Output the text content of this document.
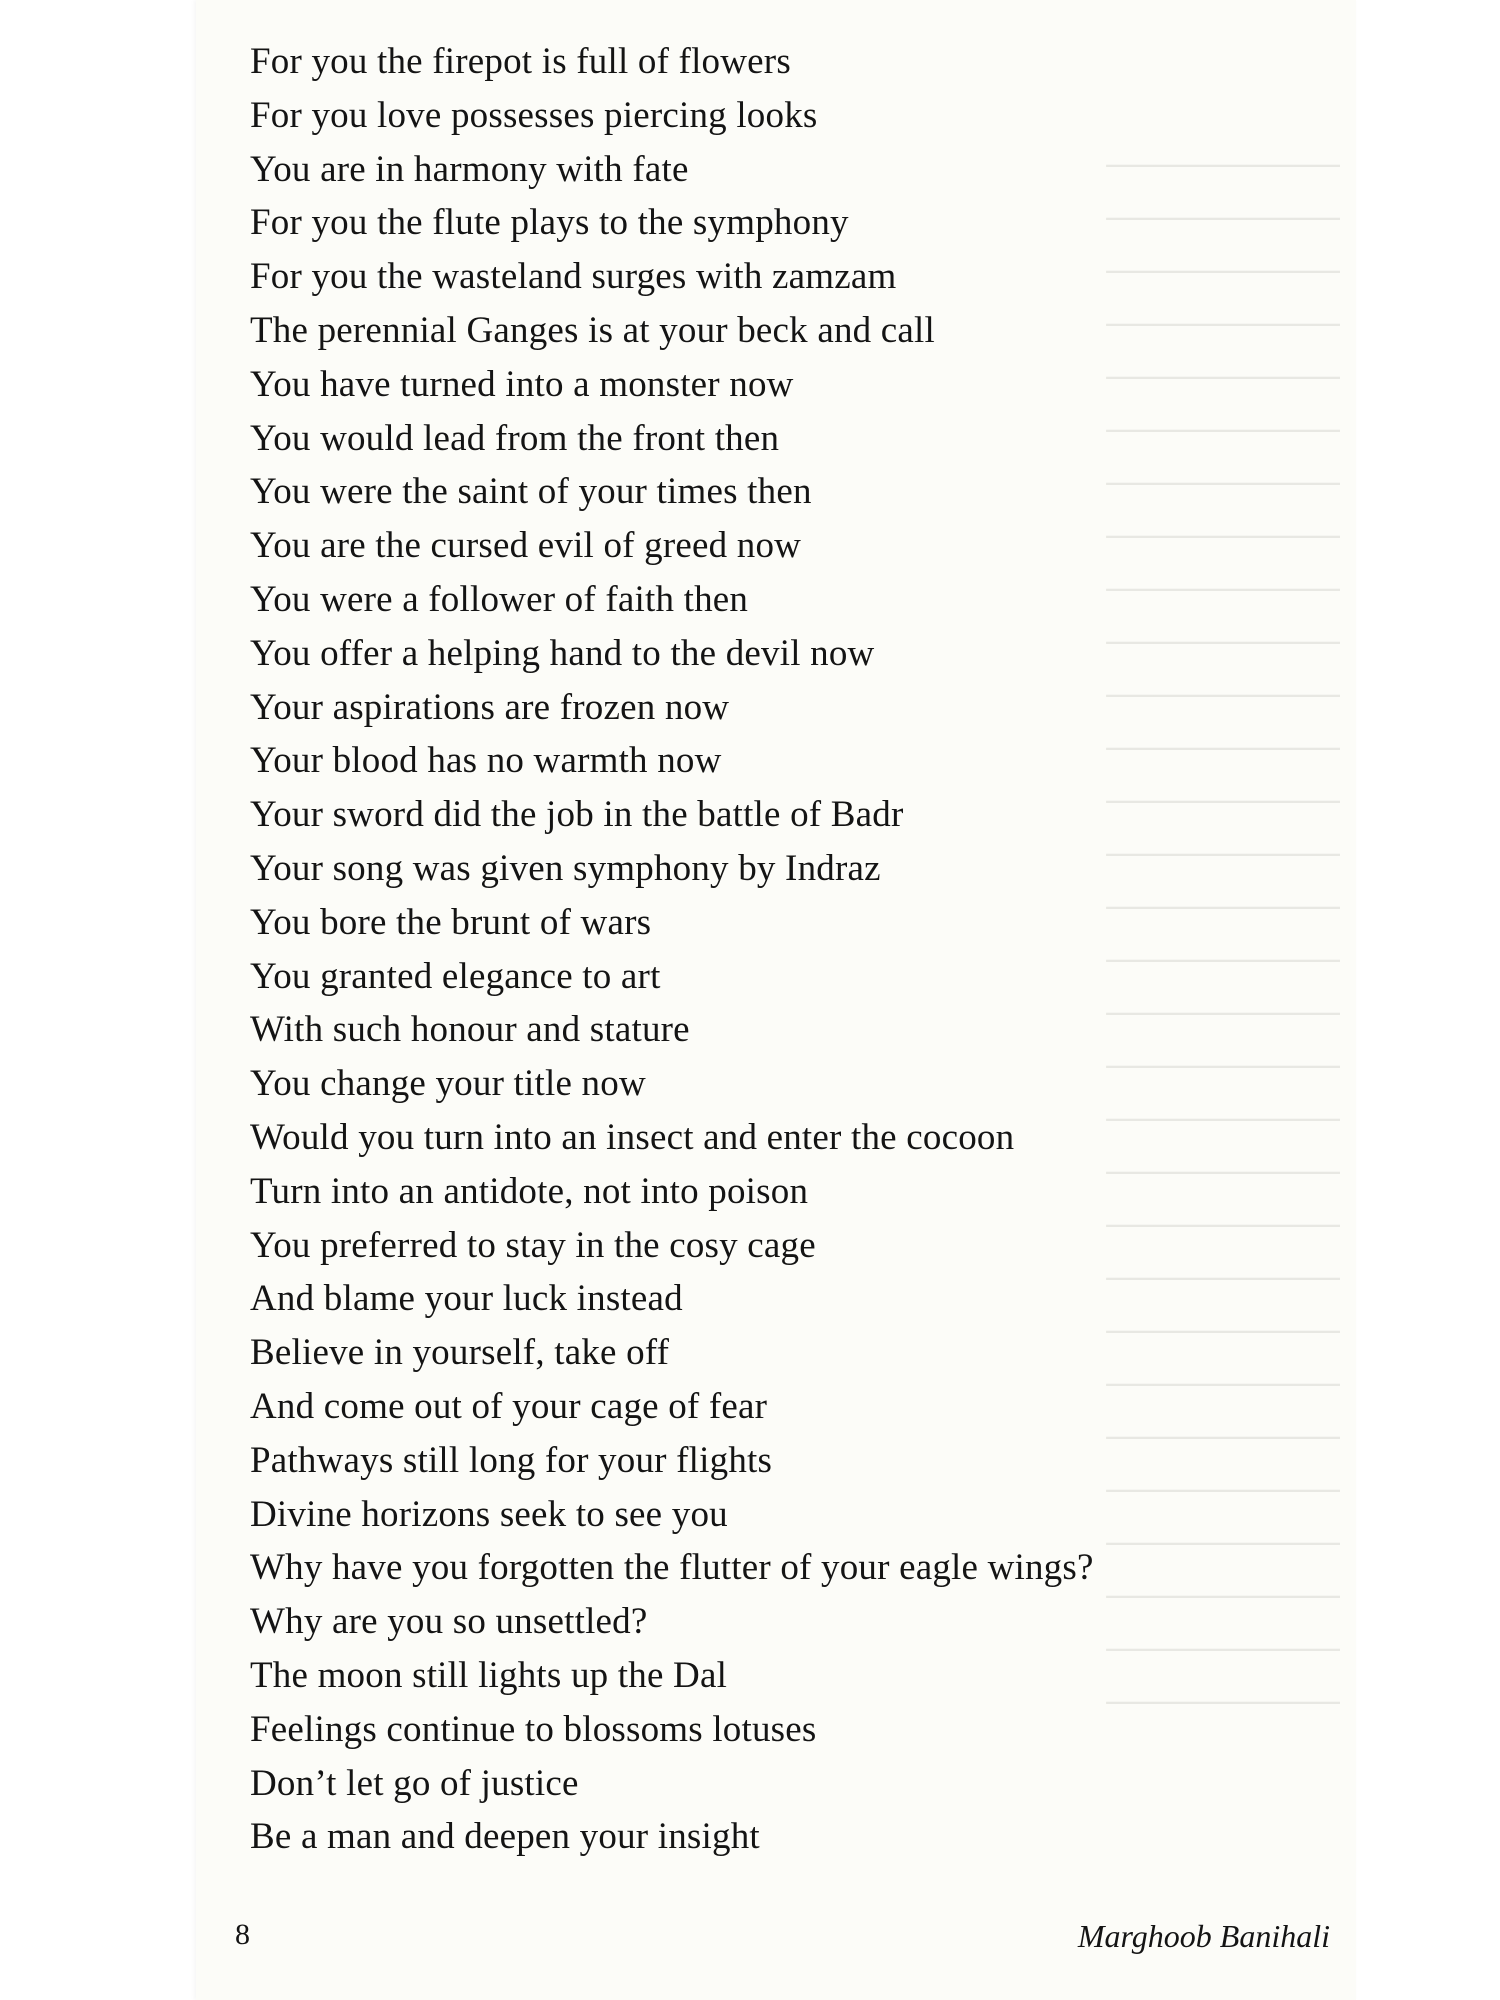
──────────
──────────
──────────
──────────
──────────
──────────
──────────
──────────
──────────
──────────
──────────
──────────
──────────
──────────
──────────
──────────
──────────
──────────
──────────
──────────
──────────
──────────
──────────
──────────
──────────
──────────
──────────
──────────
──────────
──────────
For you the firepot is full of flowers
For you love possesses piercing looks
You are in harmony with fate
For you the flute plays to the symphony
For you the wasteland surges with zamzam
The perennial Ganges is at your beck and call
You have turned into a monster now
You would lead from the front then
You were the saint of your times then
You are the cursed evil of greed now
You were a follower of faith then
You offer a helping hand to the devil now
Your aspirations are frozen now
Your blood has no warmth now
Your sword did the job in the battle of Badr
Your song was given symphony by Indraz
You bore the brunt of wars
You granted elegance to art
With such honour and stature
You change your title now
Would you turn into an insect and enter the cocoon
Turn into an antidote, not into poison
You preferred to stay in the cosy cage
And blame your luck instead
Believe in yourself, take off
And come out of your cage of fear
Pathways still long for your flights
Divine horizons seek to see you
Why have you forgotten the flutter of your eagle wings?
Why are you so unsettled?
The moon still lights up the Dal
Feelings continue to blossoms lotuses
Don’t let go of justice
Be a man and deepen your insight
8	Marghoob Banihali
